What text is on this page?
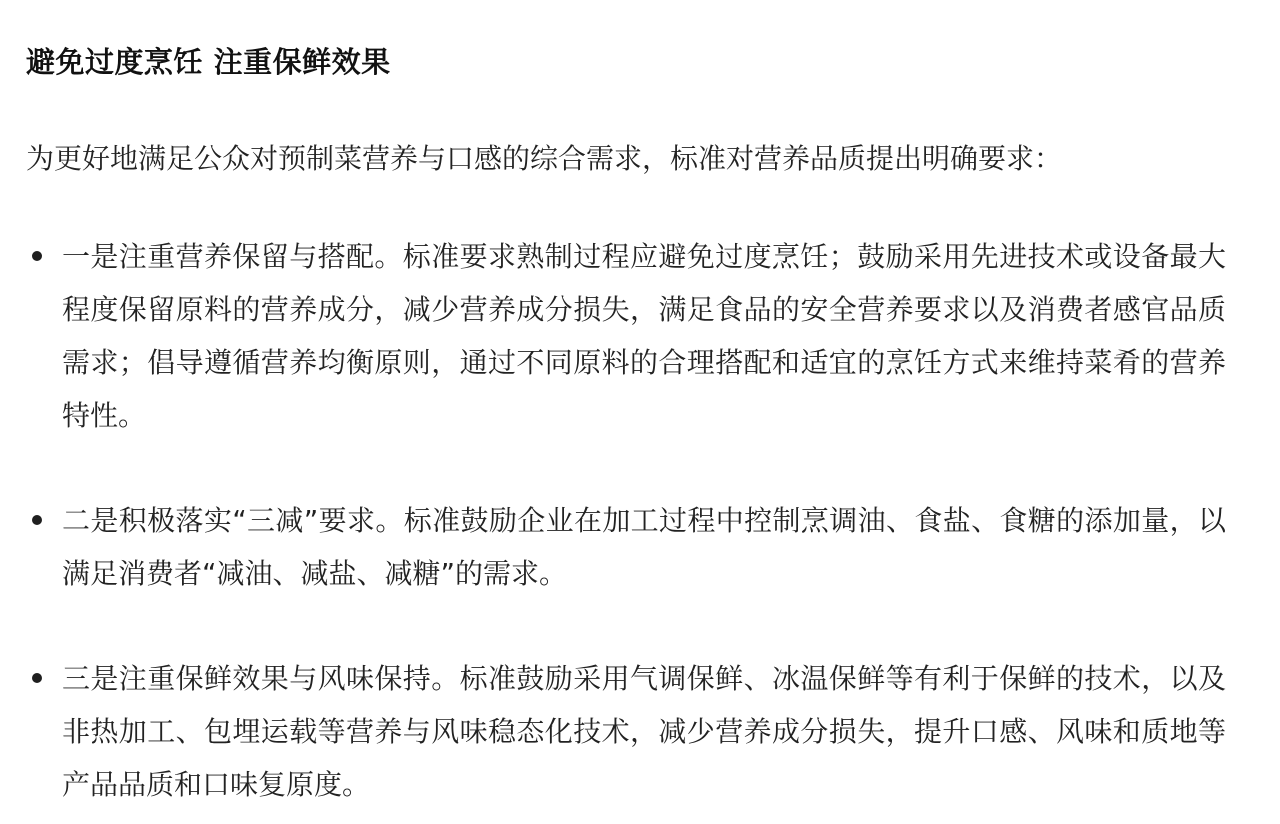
避免过度烹饪 注重保鲜效果

为更好地满足公众对预制菜营养与口感的综合需求，标准对营养品质提出明确要求：

一是注重营养保留与搭配。标准要求熟制过程应避免过度烹饪；鼓励采用先进技术或设备最大程度保留原料的营养成分，减少营养成分损失，满足食品的安全营养要求以及消费者感官品质需求；倡导遵循营养均衡原则，通过不同原料的合理搭配和适宜的烹饪方式来维持菜肴的营养特性。
二是积极落实“三减”要求。标准鼓励企业在加工过程中控制烹调油、食盐、食糖的添加量，以满足消费者“减油、减盐、减糖”的需求。
三是注重保鲜效果与风味保持。标准鼓励采用气调保鲜、冰温保鲜等有利于保鲜的技术，以及非热加工、包埋运载等营养与风味稳态化技术，减少营养成分损失，提升口感、风味和质地等产品品质和口味复原度。
